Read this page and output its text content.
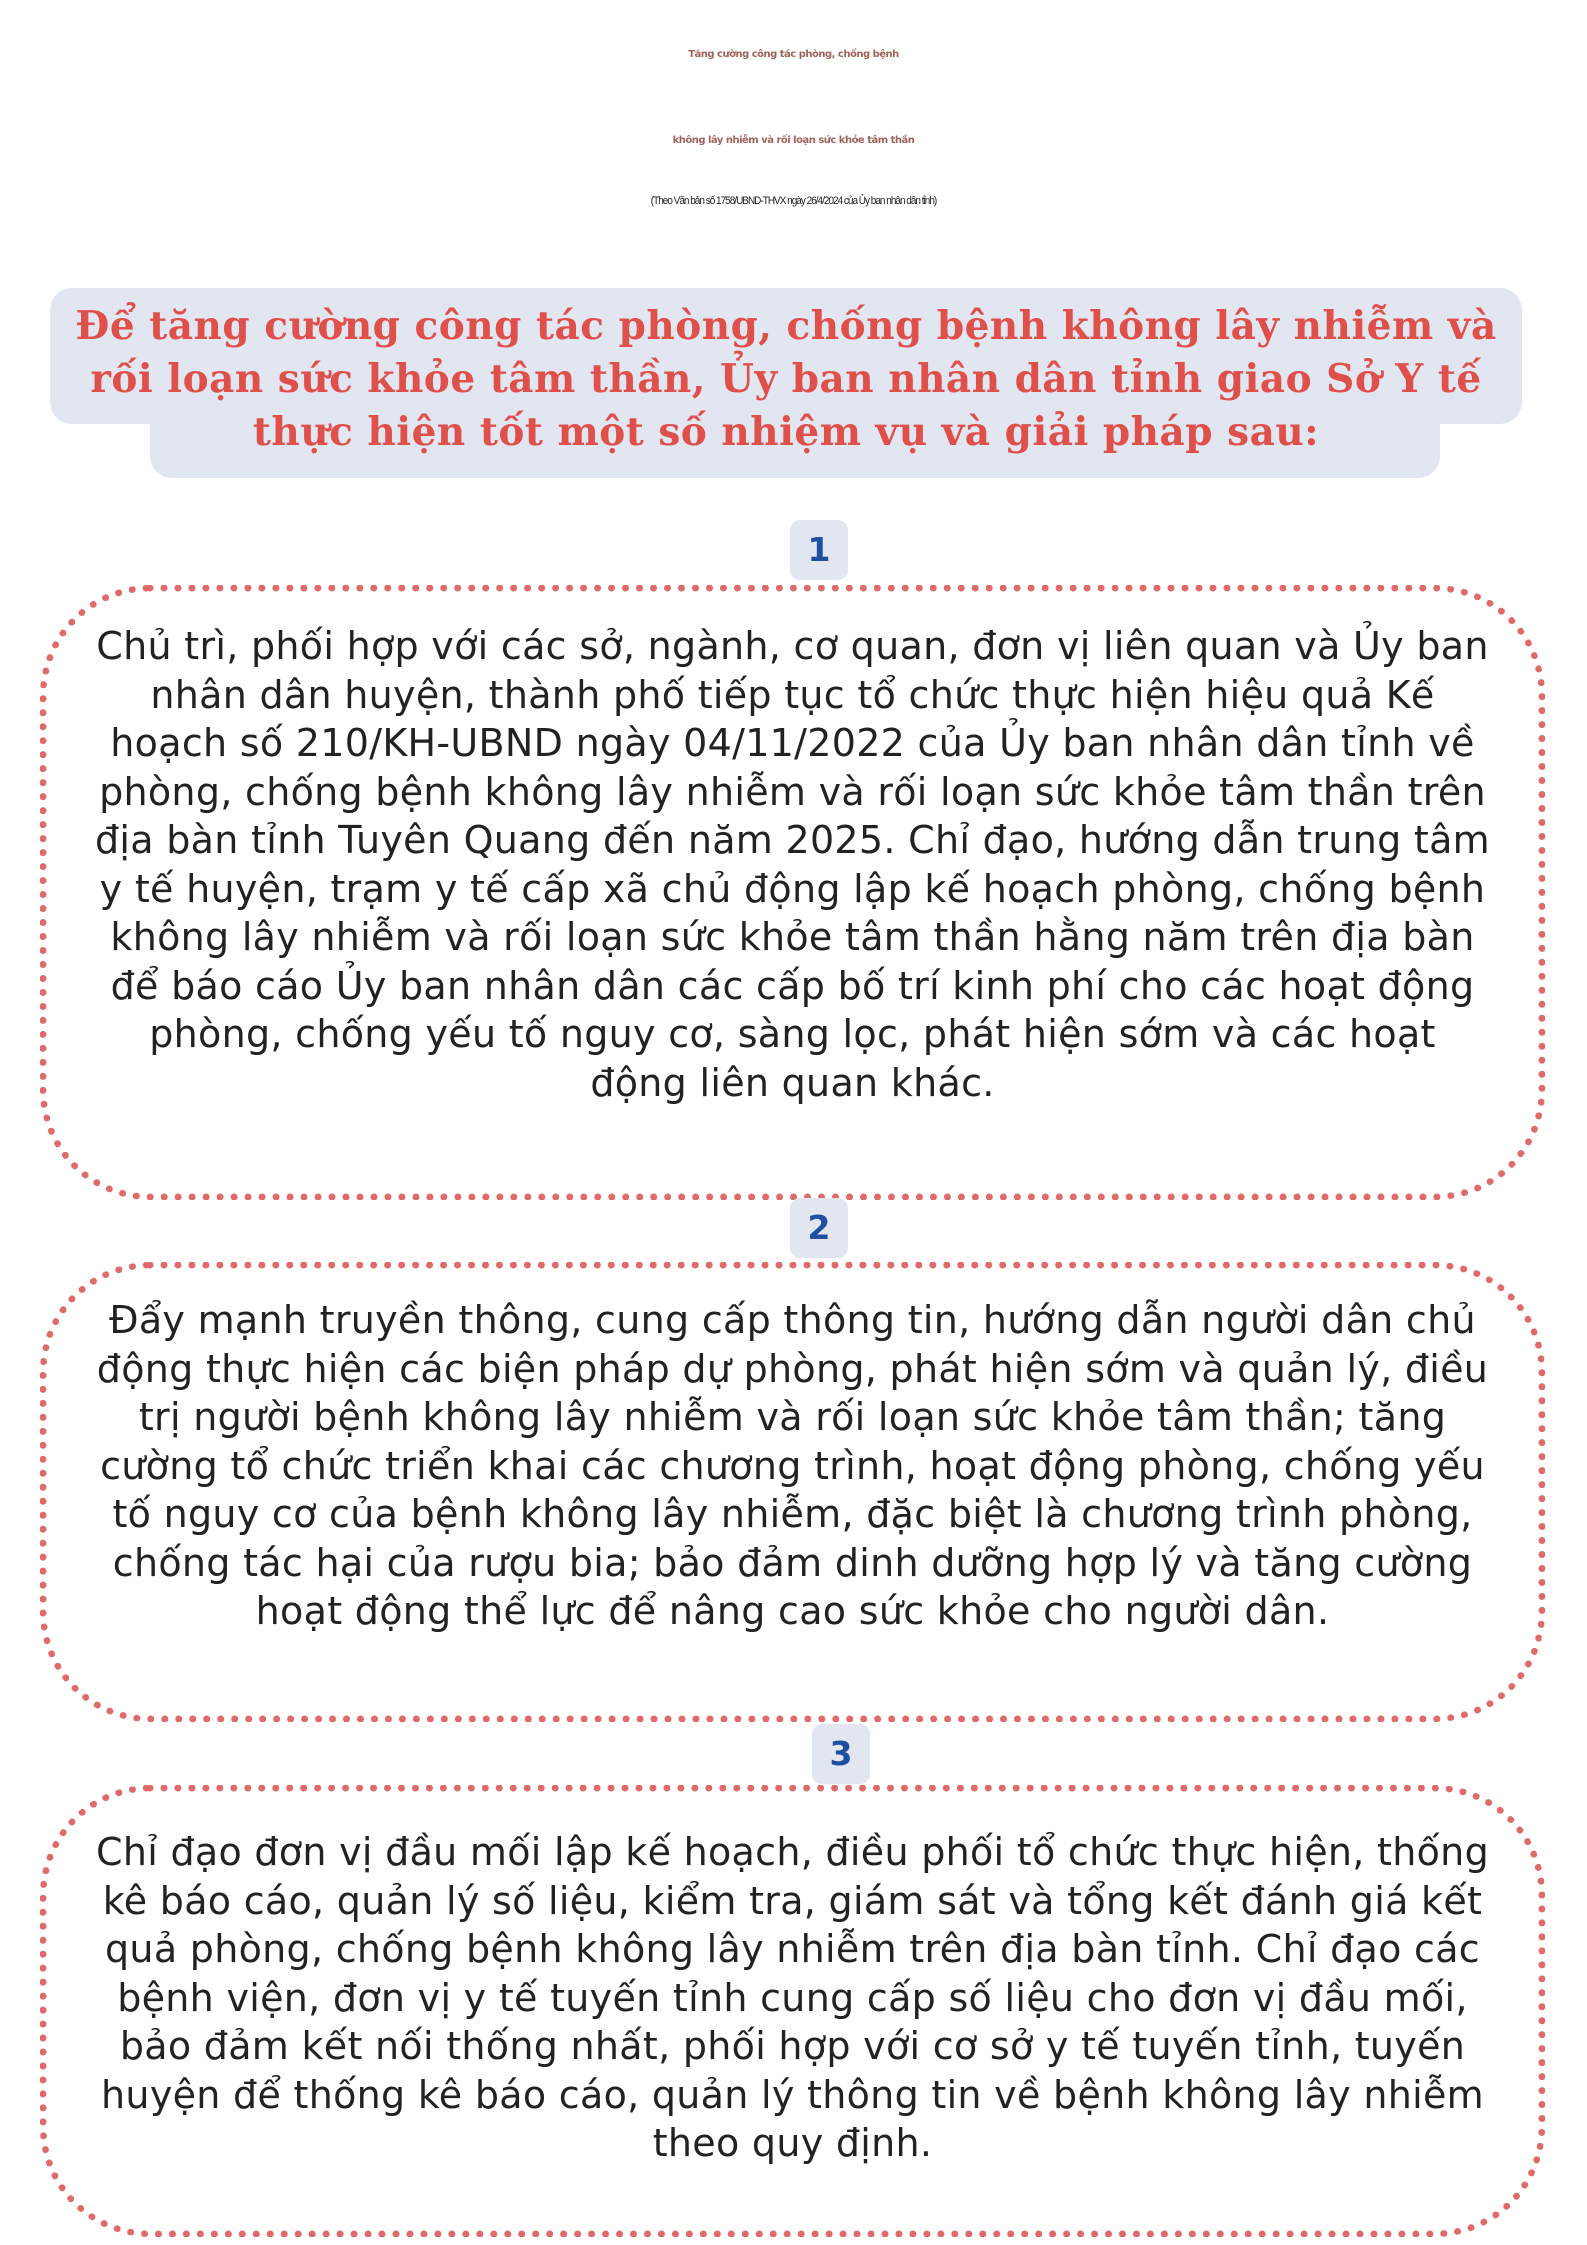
Tăng cường công tác phòng, chống bệnh
không lây nhiễm và rối loạn sức khỏe tâm thần
(Theo Văn bản số 1758/UBND-THVX ngày 26/4/2024 của Ủy ban nhân dân tỉnh)
Để tăng cường công tác phòng, chống bệnh không lây nhiễm và rối loạn sức khỏe tâm thần, Ủy ban nhân dân tỉnh giao Sở Y tế thực hiện tốt một số nhiệm vụ và giải pháp sau:
1
Chủ trì, phối hợp với các sở, ngành, cơ quan, đơn vị liên quan và Ủy ban nhân dân huyện, thành phố tiếp tục tổ chức thực hiện hiệu quả Kế hoạch số 210/KH-UBND ngày 04/11/2022 của Ủy ban nhân dân tỉnh về phòng, chống bệnh không lây nhiễm và rối loạn sức khỏe tâm thần trên địa bàn tỉnh Tuyên Quang đến năm 2025. Chỉ đạo, hướng dẫn trung tâm y tế huyện, trạm y tế cấp xã chủ động lập kế hoạch phòng, chống bệnh không lây nhiễm và rối loạn sức khỏe tâm thần hằng năm trên địa bàn để báo cáo Ủy ban nhân dân các cấp bố trí kinh phí cho các hoạt động phòng, chống yếu tố nguy cơ, sàng lọc, phát hiện sớm và các hoạt động liên quan khác.
2
Đẩy mạnh truyền thông, cung cấp thông tin, hướng dẫn người dân chủ động thực hiện các biện pháp dự phòng, phát hiện sớm và quản lý, điều trị người bệnh không lây nhiễm và rối loạn sức khỏe tâm thần; tăng cường tổ chức triển khai các chương trình, hoạt động phòng, chống yếu tố nguy cơ của bệnh không lây nhiễm, đặc biệt là chương trình phòng, chống tác hại của rượu bia; bảo đảm dinh dưỡng hợp lý và tăng cường hoạt động thể lực để nâng cao sức khỏe cho người dân.
3
Chỉ đạo đơn vị đầu mối lập kế hoạch, điều phối tổ chức thực hiện, thống kê báo cáo, quản lý số liệu, kiểm tra, giám sát và tổng kết đánh giá kết quả phòng, chống bệnh không lây nhiễm trên địa bàn tỉnh. Chỉ đạo các bệnh viện, đơn vị y tế tuyến tỉnh cung cấp số liệu cho đơn vị đầu mối, bảo đảm kết nối thống nhất, phối hợp với cơ sở y tế tuyến tỉnh, tuyến huyện để thống kê báo cáo, quản lý thông tin về bệnh không lây nhiễm theo quy định.
